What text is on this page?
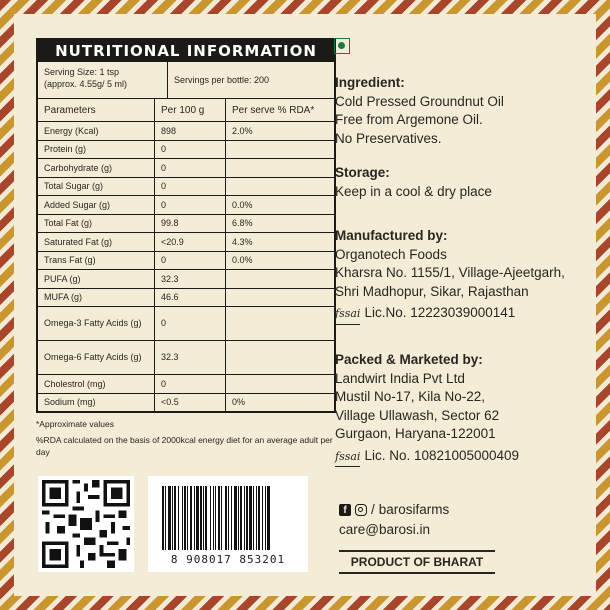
NUTRITIONAL INFORMATION
Serving Size: 1 tsp
(approx. 4.55g/ 5 ml)	Servings per bottle: 200
Parameters	Per 100 g	Per serve % RDA*
Energy (Kcal)	898	2.0%
Protein (g)	0	
Carbohydrate (g)	0	
Total Sugar (g)	0	
Added Sugar (g)	0	0.0%
Total Fat (g)	99.8	6.8%
Saturated Fat (g)	<20.9	4.3%
Trans Fat (g)	0	0.0%
PUFA (g)	32.3	
MUFA (g)	46.6	
Omega-3 Fatty Acids (g)	0	
Omega-6 Fatty Acids (g)	32.3	
Cholestrol (mg)	0	
Sodium (mg)	<0.5	0%

*Approximate values

%RDA calculated on the basis of 2000kcal energy diet for an average adult per day

8 908017 853201
Ingredient:
Cold Pressed Groundnut Oil
Free from Argemone Oil.
No Preservatives.
Storage:
Keep in a cool & dry place
Manufactured by:
Organotech Foods
Kharsra No. 1155/1, Village-Ajeetgarh,
Shri Madhopur, Sikar, Rajasthan
fssai Lic.No. 12223039000141
Packed & Marketed by:
Landwirt India Pvt Ltd
Mustil No-17, Kila No-22,
Village Ullawash, Sector 62
Gurgaon, Haryana-122001
fssai Lic. No. 10821005000409
f	/ barosifarms
care@barosi.in
PRODUCT OF BHARAT
